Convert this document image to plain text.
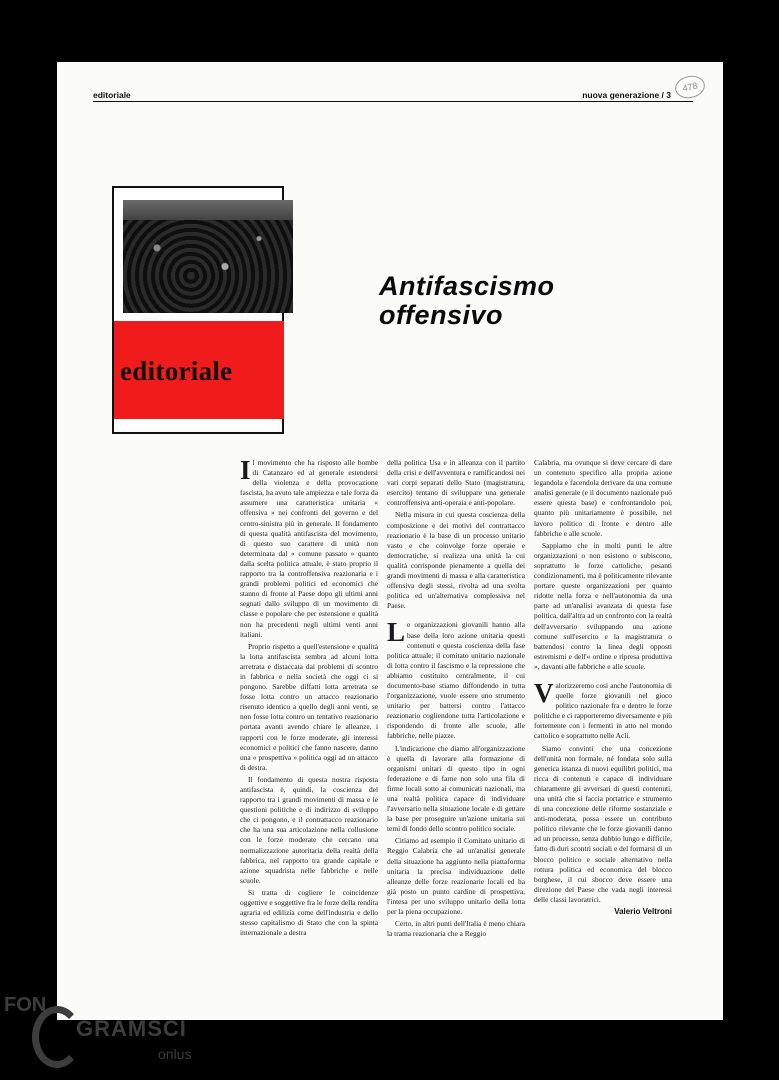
editoriale	nuova generazione / 3
478
editoriale
Antifascismo
offensivo

Il movimento che ha risposto alle bombe di Catanzaro ed al generale estendersi della violenza e della provocazione fascista, ha avuto tale ampiezza e tale forza da assumere una caratteristica unitaria « offensiva » nei confronti del governo e del centro-sinistra più in generale. Il fondamento di questa qualità antifascista del movimento, di questo suo carattere di unità non determinata dal « comune passato » quanto dalla scelta politica attuale, è stato proprio il rapporto tra la controffensiva reazionaria e i grandi problemi politici ed economici che stanno di fronte al Paese dopo gli ultimi anni segnati dallo sviluppo di un movimento di classe e popolare che per estensione e qualità non ha precedenti negli ultimi venti anni italiani.

Proprio rispetto a quell'estensione e qualità la lotta antifascista sembra ad alcuni lotta arretrata e distaccata dai problemi di scontro in fabbrica e nella società che oggi ci si pongono. Sarebbe diffatti lotta arretrata se fosse lotta contro un attacco reazionario risenuto identico a quello degli anni venti, se non fosse lotta contro un tentativo reazionario portata avanti avendo chiare le alleanze, i rapporti con le forze moderate, gli interessi economici e politici che fanno nascere, danno una « prospettiva » politica oggi ad un attacco di destra.

Il fondamento di questa nostra risposta antifascista è, quindi, la coscienza del rapporto tra i grandi movimenti di massa e le questioni politiche e di indirizzo di sviluppo che ci pongono, e il contrattacco reazionario che ha una sua articolazione nella collusione con le forze moderate che cercano una normalizzazione autoritaria della realtà della fabbrica, nel rapporto tra grande capitale e azione squadrista nelle fabbriche e nelle scuole.

Si tratta di cogliere le coincidenze oggettive e soggettive fra le forze della rendita agraria ed edilizia come dell'industria e dello stesso capitalismo di Stato che con la spinta internazionale a destra

della politica Usa e in alleanza con il partito della crisi e dell'avventura e ramificandosi nei vari corpi separati dello Stato (magistratura, esercito) tentano di sviluppare una generale controffensiva anti-operaia e anti-popolare.

Nella misura in cui questa coscienza della composizione e dei motivi del contrattacco reazionario è la base di un processo unitario vasto e che coinvolge forze operaie e democratiche, si realizza una unità la cui qualità corrisponde pienamente a quella dei grandi movimenti di massa e alla caratteristica offensiva degli stessi, rivolta ad una svolta politica ed un'alternativa complessiva nel Paese.

Le organizzazioni giovanili hanno alla base della loro azione unitaria questi contenuti e questa coscienza della fase politica attuale; il comitato unitario nazionale di lotta contro il fascismo e la repressione che abbiamo costituito centralmente, il cui documento-base stiamo diffondendo in tutta l'organizzazione, vuole essere uno strumento unitario per battersi contro l'attacco reazionario cogliendone tutta l'articolazione e rispondendo di fronte alle scuole, alle fabbriche, nelle piazze.

L'indicazione che diamo all'organizzazione è quella di lavorare alla formazione di organismi unitari di questo tipo in ogni federazione e di farne non solo una fila di firme locali sotto ai comunicati nazionali, ma una realtà politica capace di individuare l'avversario nella situazione locale e di gettare la base per proseguire un'azione unitaria sui temi di fondo dello scontro politico sociale.

Citiamo ad esempio il Comitato unitario di Reggio Calabria che ad un'analisi generale della situazione ha aggiunto nella piattaforma unitaria la precisa individuazione delle alleanze delle forze reazionarie locali ed ha già posto un punto cardine di prospettiva, l'intesa per uno sviluppo unitario della lotta per la piena occupazione.

Certo, in altri punti dell'Italia è meno chiara la trama reazionaria che a Reggio

Calabria, ma ovunque si deve cercare di dare un contenuto specifico alla propria azione legandola e facendola derivare da una comune analisi generale (e il documento nazionale può essere questa base) e confrontandolo poi, quanto più unitariamente è possibile, nel lavoro politico di fronte e dentro alle fabbriche e alle scuole.

Sappiamo che in molti punti le altre organizzazioni o non esistono o subiscono, soprattutto le forze cattoliche, pesanti condizionamenti, ma è politicamente rilevante portare queste organizzazioni per quanto ridotte nella forza e nell'autonomia da una parte ad un'analisi avanzata di questa fase politica, dall'altra ad un confronto con la realtà dell'avversario sviluppando una azione comune sull'esercito e la magistratura o battendosi contro la linea degli opposti estremismi e dell'« ordine e ripresa produttiva », davanti alle fabbriche e alle scuole.

Valorizzeremo così anche l'autonomia di quelle forze giovanili nel gioco politico nazionale fra e dentro le forze politiche e ci rapporteremo diversamente e più fortemente con i fermenti in atto nel mondo cattolico e soprattutto nelle Acli.

Siamo convinti che una concezione dell'unità non formale, né fondata solo sulla generica istanza di nuovi equilibri politici, ma ricca di contenuti e capace di individuare chiaramente gli avversari di questi contenuti, una unità che si faccia portatrice e strumento di una concezione delle riforme sostanziale e anti-moderata, possa essere un contributo politico rilevante che le forze giovanili danno ad un processo, senza dubbio lungo e difficile, fatto di duri scontri sociali e del formarsi di un blocco politico e sociale alternativo nella rottura politica ed economica del blocco borghese, il cui sbocco deve essere una direzione del Paese che vada negli interessi delle classi lavoratrici.

Valerio Veltroni

FON
GRAMSCI
onlus
